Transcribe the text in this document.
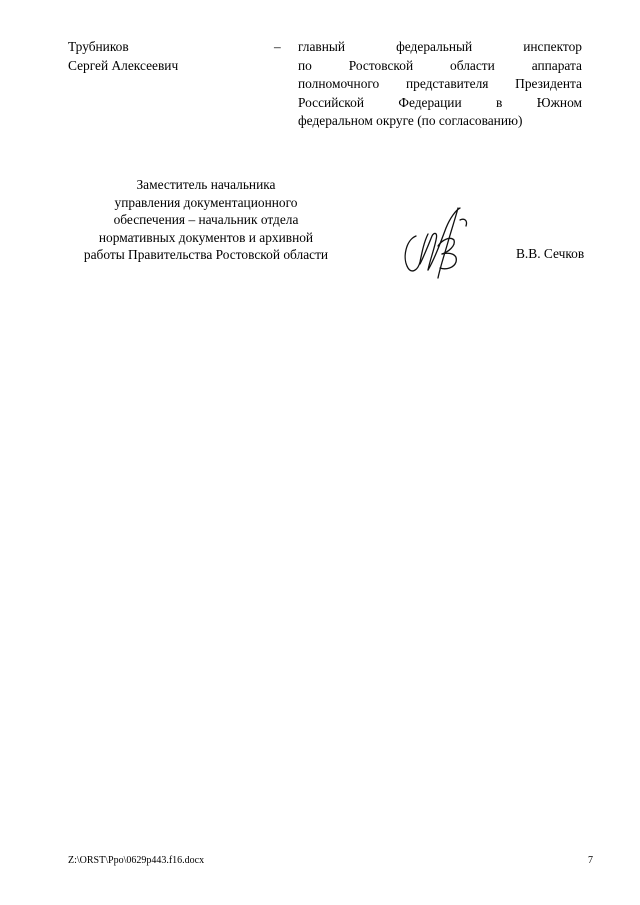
Трубников
Сергей Алексеевич
–	главный федеральный инспектор
по Ростовской области аппарата
полномочного представителя Президента
Российской Федерации в Южном
федеральном округе (по согласованию)
Заместитель начальника
управления документационного
обеспечения – начальник отдела
нормативных документов и архивной
работы Правительства Ростовской области	В.В. Сечков
Z:\ORST\Ppo\0629p443.f16.docx	7
